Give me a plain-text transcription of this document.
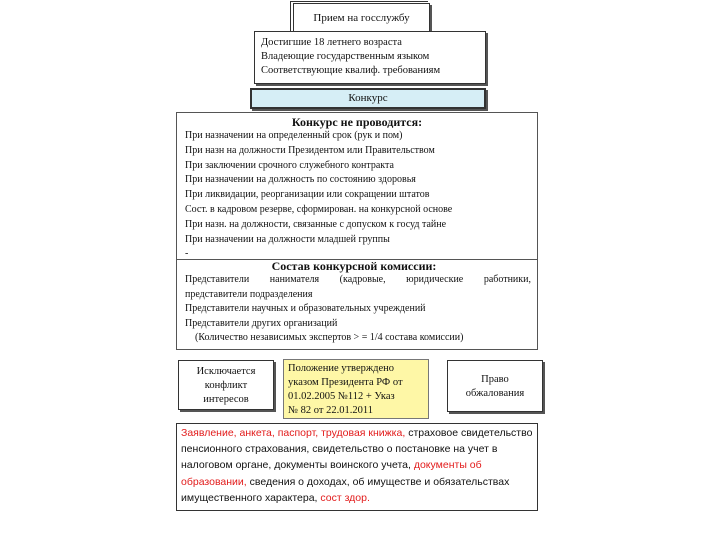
Прием на госслужбу
Достигшие 18 летнего возраста
Владеющие государственным языком
Соответствующие квалиф. требованиям
Конкурс
Конкурс не проводится:
При назначении на определенный срок (рук и пом)
При назн на должности Президентом или Правительством
При заключении срочного служебного контракта
При назначении на должность по состоянию здоровья
При ликвидации, реорганизации или сокращении штатов
Сост. в кадровом резерве, сформирован. на конкурсной основе
При назн. на должности, связанные с допуском к госуд тайне
При назначении на должности младшей группы
-
Состав конкурсной комиссии:
Представители нанимателя (кадровые, юридические работники,
представители подразделения
Представители научных и образовательных учреждений
Представители других организаций
(Количество независимых экспертов > = 1/4 состава комиссии)
Исключается
конфликт
интересов
Положение утверждено
указом Президента РФ от
01.02.2005 №112 + Указ
№ 82 от 22.01.2011
Право
обжалования
Заявление, анкета, паспорт, трудовая книжка, страховое свидетельство пенсионного страхования, свидетельство о постановке на учет в налоговом органе, документы воинского учета, документы об образовании, сведения о доходах, об имуществе и обязательствах имущественного характера, сост здор.
